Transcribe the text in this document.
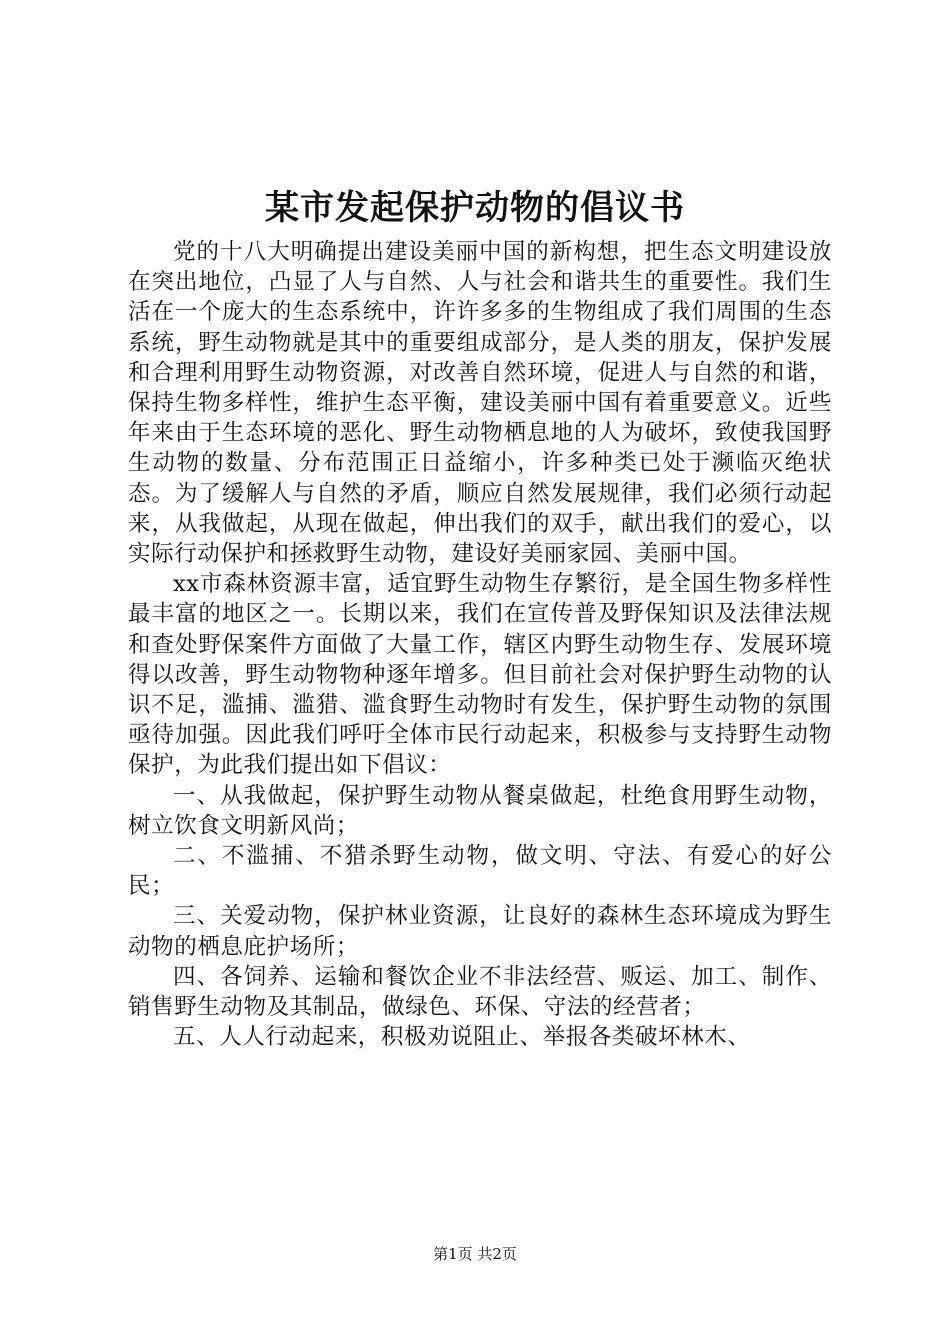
某市发起保护动物的倡议书

党的十八大明确提出建设美丽中国的新构想，把生态文明建设放在突出地位，凸显了人与自然、人与社会和谐共生的重要性。我们生活在一个庞大的生态系统中，许许多多的生物组成了我们周围的生态系统，野生动物就是其中的重要组成部分，是人类的朋友，保护发展和合理利用野生动物资源，对改善自然环境，促进人与自然的和谐，保持生物多样性，维护生态平衡，建设美丽中国有着重要意义。近些年来由于生态环境的恶化、野生动物栖息地的人为破坏，致使我国野生动物的数量、分布范围正日益缩小，许多种类已处于濒临灭绝状态。为了缓解人与自然的矛盾，顺应自然发展规律，我们必须行动起来，从我做起，从现在做起，伸出我们的双手，献出我们的爱心，以实际行动保护和拯救野生动物，建设好美丽家园、美丽中国。

xx市森林资源丰富，适宜野生动物生存繁衍，是全国生物多样性最丰富的地区之一。长期以来，我们在宣传普及野保知识及法律法规和查处野保案件方面做了大量工作，辖区内野生动物生存、发展环境得以改善，野生动物物种逐年增多。但目前社会对保护野生动物的认识不足，滥捕、滥猎、滥食野生动物时有发生，保护野生动物的氛围亟待加强。因此我们呼吁全体市民行动起来，积极参与支持野生动物保护，为此我们提出如下倡议：

一、从我做起，保护野生动物从餐桌做起，杜绝食用野生动物，树立饮食文明新风尚；

二、不滥捕、不猎杀野生动物，做文明、守法、有爱心的好公民；

三、关爱动物，保护林业资源，让良好的森林生态环境成为野生动物的栖息庇护场所；

四、各饲养、运输和餐饮企业不非法经营、贩运、加工、制作、销售野生动物及其制品，做绿色、环保、守法的经营者；

五、人人行动起来，积极劝说阻止、举报各类破坏林木、

第1页 共2页
